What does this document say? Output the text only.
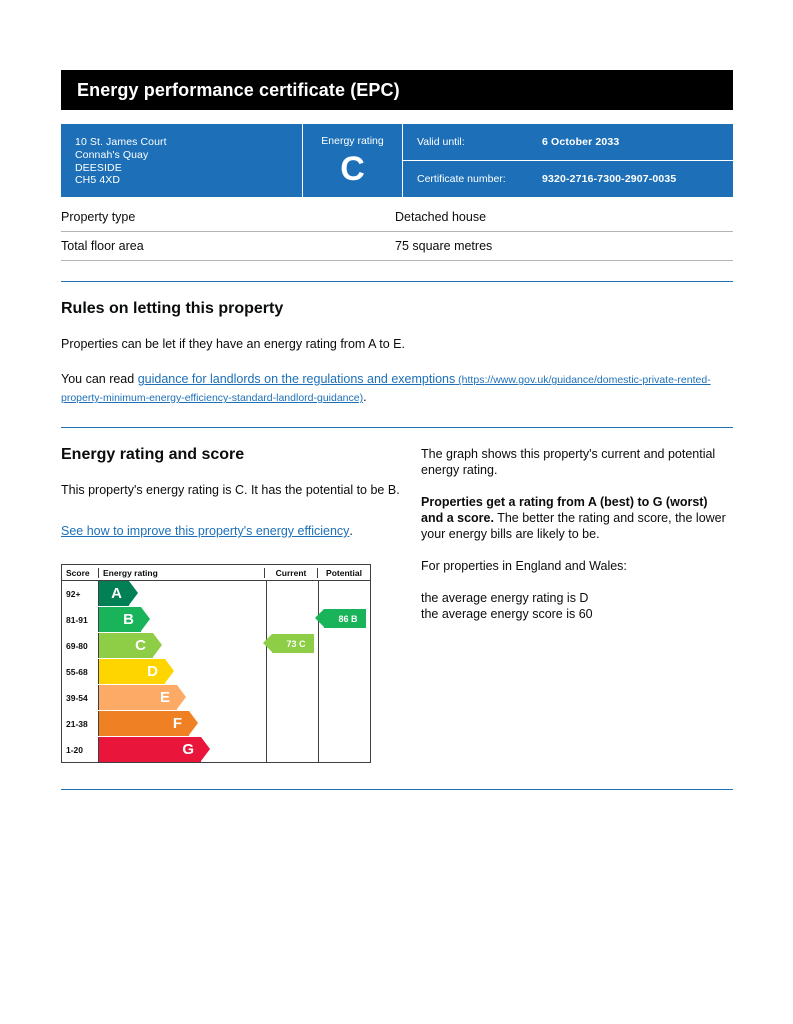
Energy performance certificate (EPC)
10 St. James Court
Connah's Quay
DEESIDE
CH5 4XD
Energy rating
C
Valid until:	6 October 2033
Certificate number:	9320-2716-7300-2907-0035
Property type	Detached house
Total floor area	75 square metres
Rules on letting this property

Properties can be let if they have an energy rating from A to E.

You can read guidance for landlords on the regulations and exemptions (https://www.gov.uk/guidance/domestic-private-rented-property-minimum-energy-efficiency-standard-landlord-guidance).

Energy rating and score

This property's energy rating is C. It has the potential to be B.

See how to improve this property's energy efficiency.

Score	Energy rating	Current	Potential
92+	A
81-91	B
69-80	C
55-68	D
39-54	E
21-38	F
1-20	G
73 C
86 B

The graph shows this property's current and potential energy rating.

Properties get a rating from A (best) to G (worst) and a score. The better the rating and score, the lower your energy bills are likely to be.

For properties in England and Wales:

the average energy rating is D
the average energy score is 60
